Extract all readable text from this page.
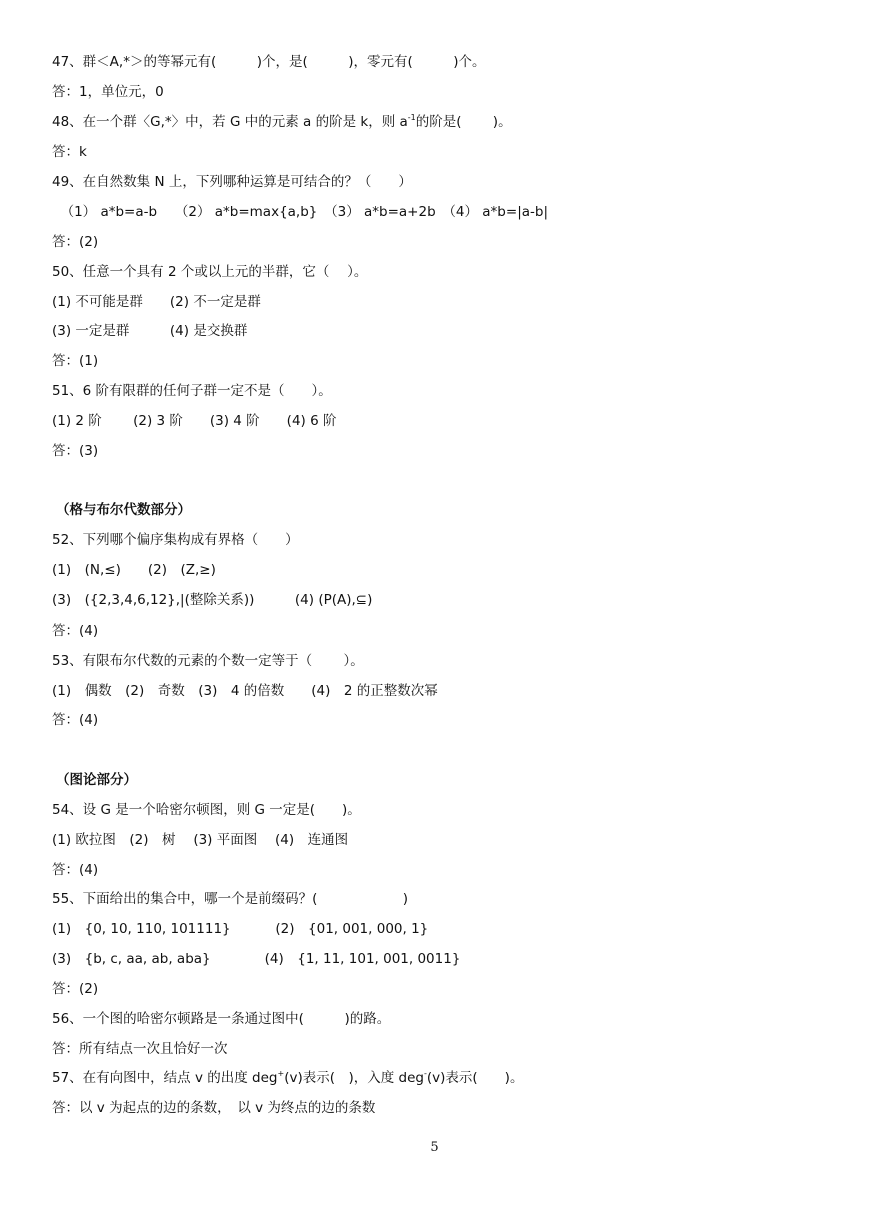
47、群＜A,*＞的等幂元有(　　　)个，是(　　　)，零元有(　　　)个。
答：1，单位元，0
48、在一个群〈G,*〉中，若 G 中的元素 a 的阶是 k，则 $a^{-1}$的阶是(　　 )。
答：k
49、在自然数集 N 上，下列哪种运算是可结合的？（　　）
（1） a*b=a-b　 （2） a*b=max{a,b}　（3） a*b=a+2b　（4） a*b=|a-b|
答：(2)
50、任意一个具有 2 个或以上元的半群，它（　 ）。
(1) 不可能是群　　(2) 不一定是群
(3) 一定是群　　　(4) 是交换群
答：(1)
51、6 阶有限群的任何子群一定不是（　　）。
(1) 2 阶　　 (2) 3 阶　　(3) 4 阶　　(4) 6 阶
答：(3)
（格与布尔代数部分）
52、下列哪个偏序集构成有界格（　　）
(1)　(N,≤)　　(2)　(Z,≥)
(3)　({2,3,4,6,12},|(整除关系))　　　(4) (P(A),⊆)
答：(4)
53、有限布尔代数的元素的个数一定等于（　　 ）。
(1)　偶数　(2)　奇数　(3)　4 的倍数　　(4)　2 的正整数次幂
答：(4)
（图论部分）
54、设 G 是一个哈密尔顿图，则 G 一定是(　　)。
(1) 欧拉图　(2)　树　 (3) 平面图　 (4)　连通图
答：(4)
55、下面给出的集合中，哪一个是前缀码？(　　　　　　 )
(1)　{0, 10, 110, 101111}　　　 (2)　{01, 001, 000, 1}
(3)　{b, c, aa, ab, aba}　　　　(4)　{1, 11, 101, 001, 0011}
答：(2)
56、一个图的哈密尔顿路是一条通过图中(　　　)的路。
答：所有结点一次且恰好一次
57、在有向图中，结点 v 的出度 deg+(v)表示(　)，入度 deg-(v)表示(　　)。
答：以 v 为起点的边的条数，　以 v 为终点的边的条数
5
